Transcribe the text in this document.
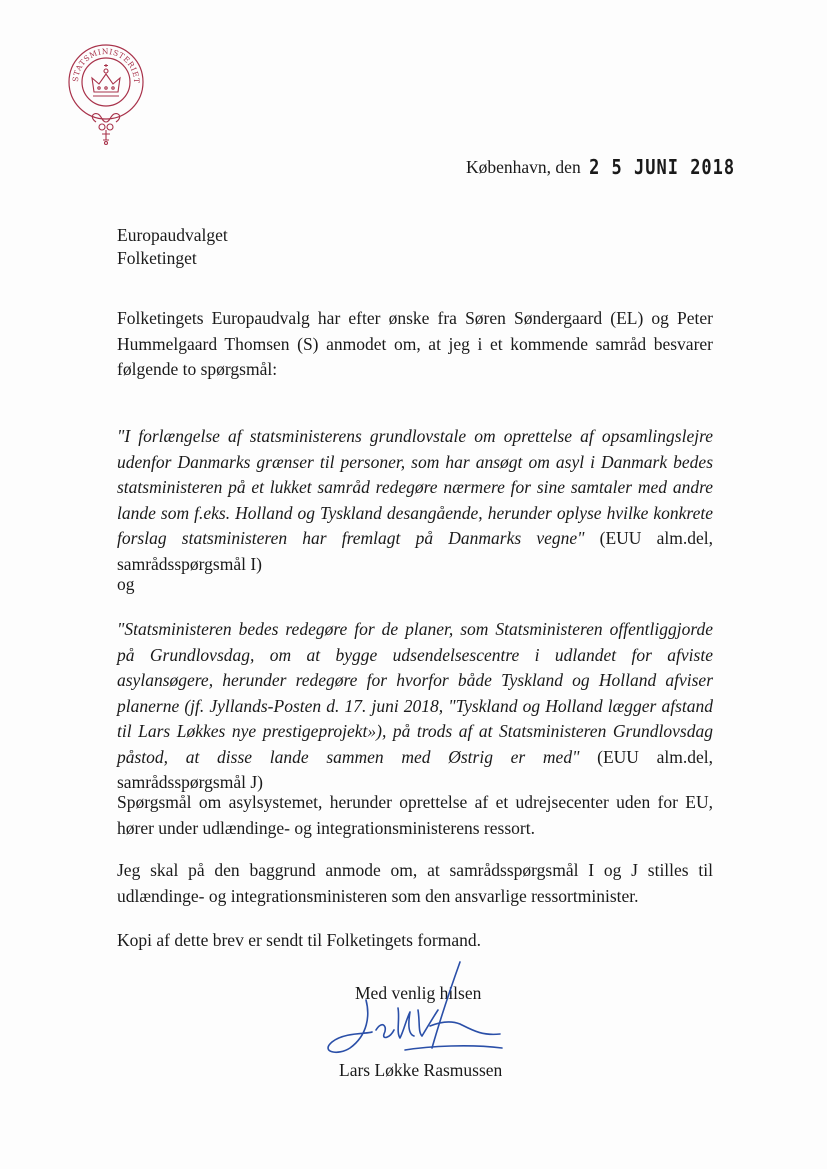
STATSMINISTERIET
København, den 2 5 JUNI 2018
Europaudvalget
Folketinget
Folketingets Europaudvalg har efter ønske fra Søren Søndergaard (EL) og Peter Hummelgaard Thomsen (S) anmodet om, at jeg i et kommende samråd besvarer følgende to spørgsmål:
"I forlængelse af statsministerens grundlovstale om oprettelse af opsamlingslejre udenfor Danmarks grænser til personer, som har ansøgt om asyl i Danmark bedes statsministeren på et lukket samråd redegøre nærmere for sine samtaler med andre lande som f.eks. Holland og Tyskland desangående, herunder oplyse hvilke konkrete forslag statsministeren har fremlagt på Danmarks vegne" (EUU alm.del, samrådsspørgsmål I)
og
"Statsministeren bedes redegøre for de planer, som Statsministeren offentliggjorde på Grundlovsdag, om at bygge udsendelsescentre i udlandet for afviste asylansøgere, herunder redegøre for hvorfor både Tyskland og Holland afviser planerne (jf. Jyllands-Posten d. 17. juni 2018, "Tyskland og Holland lægger afstand til Lars Løkkes nye prestigeprojekt»), på trods af at Statsministeren Grundlovsdag påstod, at disse lande sammen med Østrig er med" (EUU alm.del, samrådsspørgsmål J)
Spørgsmål om asylsystemet, herunder oprettelse af et udrejsecenter uden for EU, hører under udlændinge- og integrationsministerens ressort.
Jeg skal på den baggrund anmode om, at samrådsspørgsmål I og J stilles til udlændinge- og integrationsministeren som den ansvarlige ressortminister.
Kopi af dette brev er sendt til Folketingets formand.
Med venlig hilsen
Lars Løkke Rasmussen
